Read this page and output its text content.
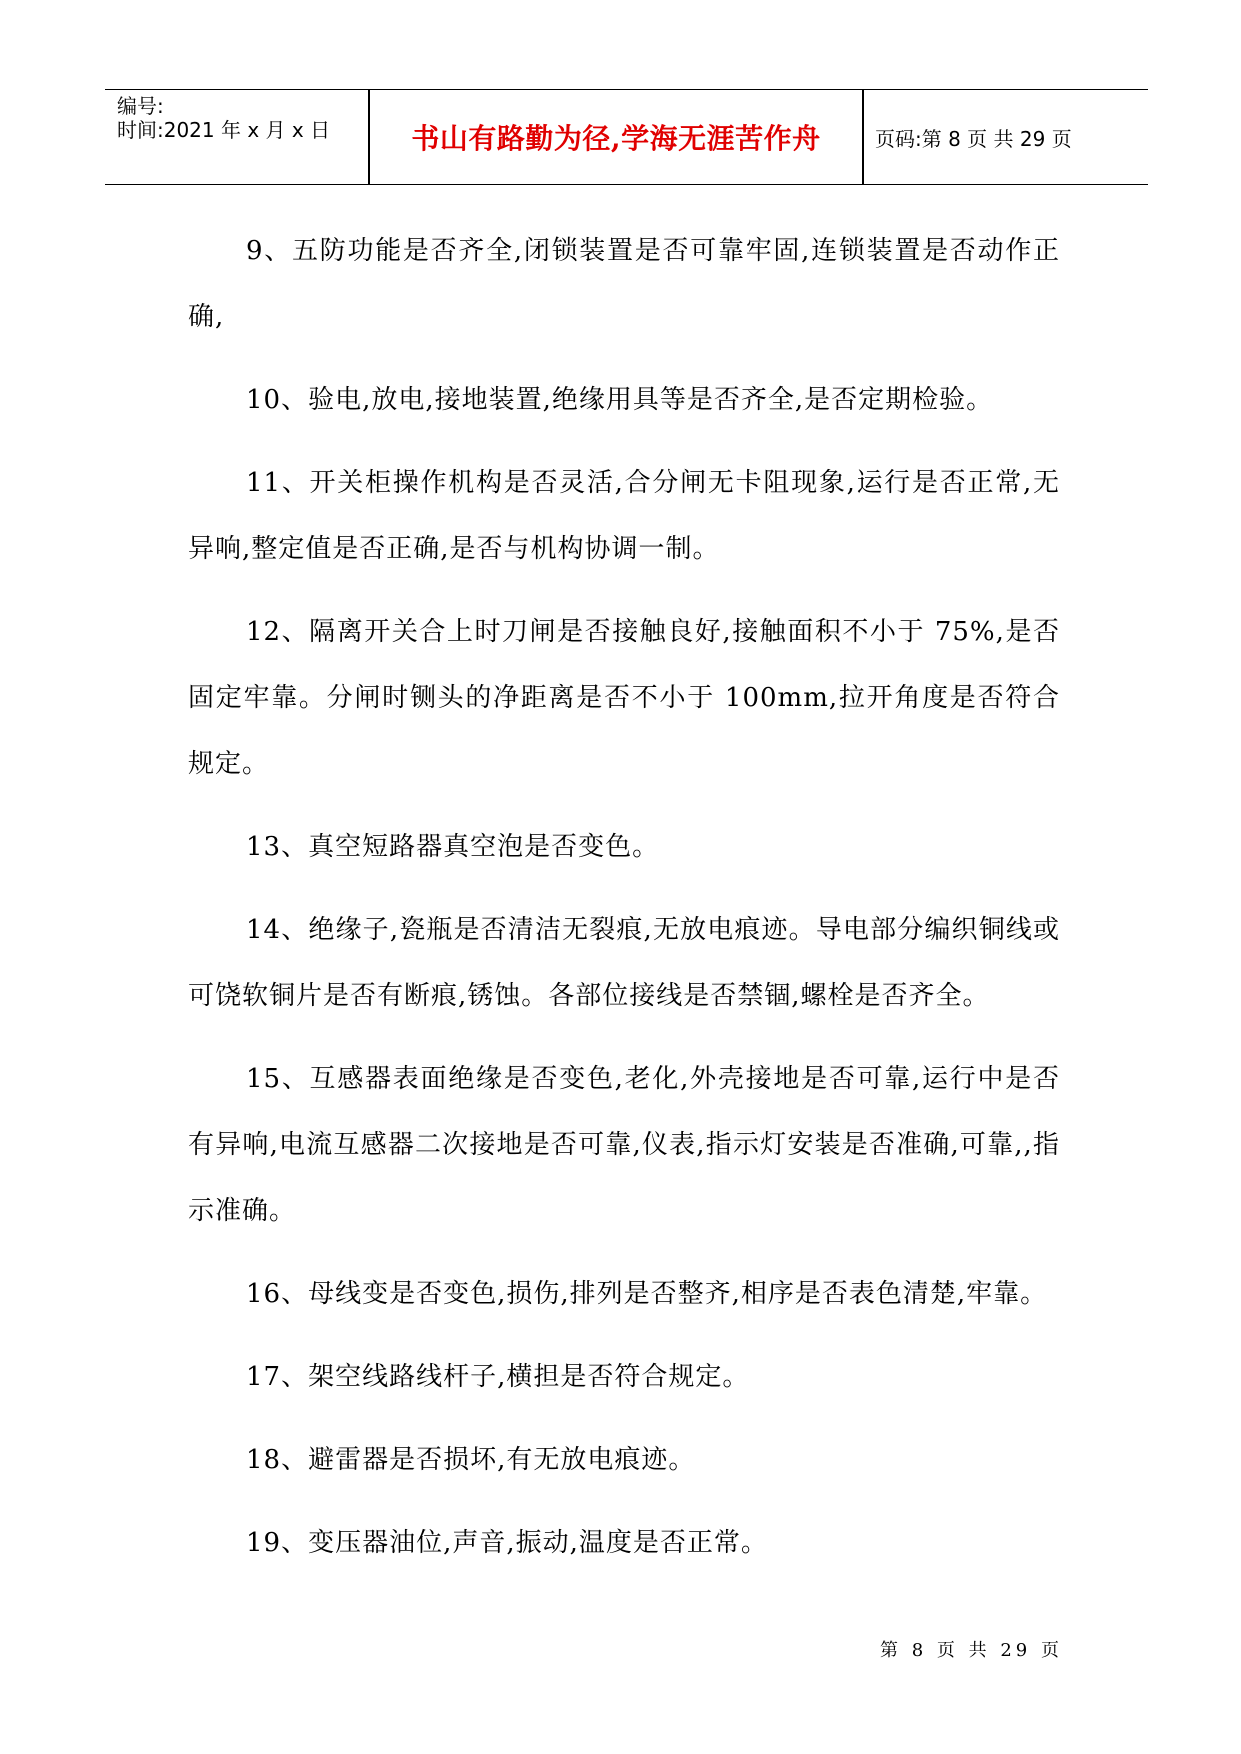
编号:
时间:2021 年 x 月 x 日	书山有路勤为径,学海无涯苦作舟	页码:第 8 页 共 29 页

9、五防功能是否齐全,闭锁装置是否可靠牢固,连锁装置是否动作正确,

10、验电,放电,接地装置,绝缘用具等是否齐全,是否定期检验。

11、开关柜操作机构是否灵活,合分闸无卡阻现象,运行是否正常,无异响,整定值是否正确,是否与机构协调一制。

12、隔离开关合上时刀闸是否接触良好,接触面积不小于 75%,是否固定牢靠。分闸时铡头的净距离是否不小于 100mm,拉开角度是否符合规定。

13、真空短路器真空泡是否变色。

14、绝缘子,瓷瓶是否清洁无裂痕,无放电痕迹。导电部分编织铜线或可饶软铜片是否有断痕,锈蚀。各部位接线是否禁锢,螺栓是否齐全。

15、互感器表面绝缘是否变色,老化,外壳接地是否可靠,运行中是否有异响,电流互感器二次接地是否可靠,仪表,指示灯安装是否准确,可靠,,指示准确。

16、母线变是否变色,损伤,排列是否整齐,相序是否表色清楚,牢靠。

17、架空线路线杆子,横担是否符合规定。

18、避雷器是否损坏,有无放电痕迹。

19、变压器油位,声音,振动,温度是否正常。

第 8 页 共 29 页
